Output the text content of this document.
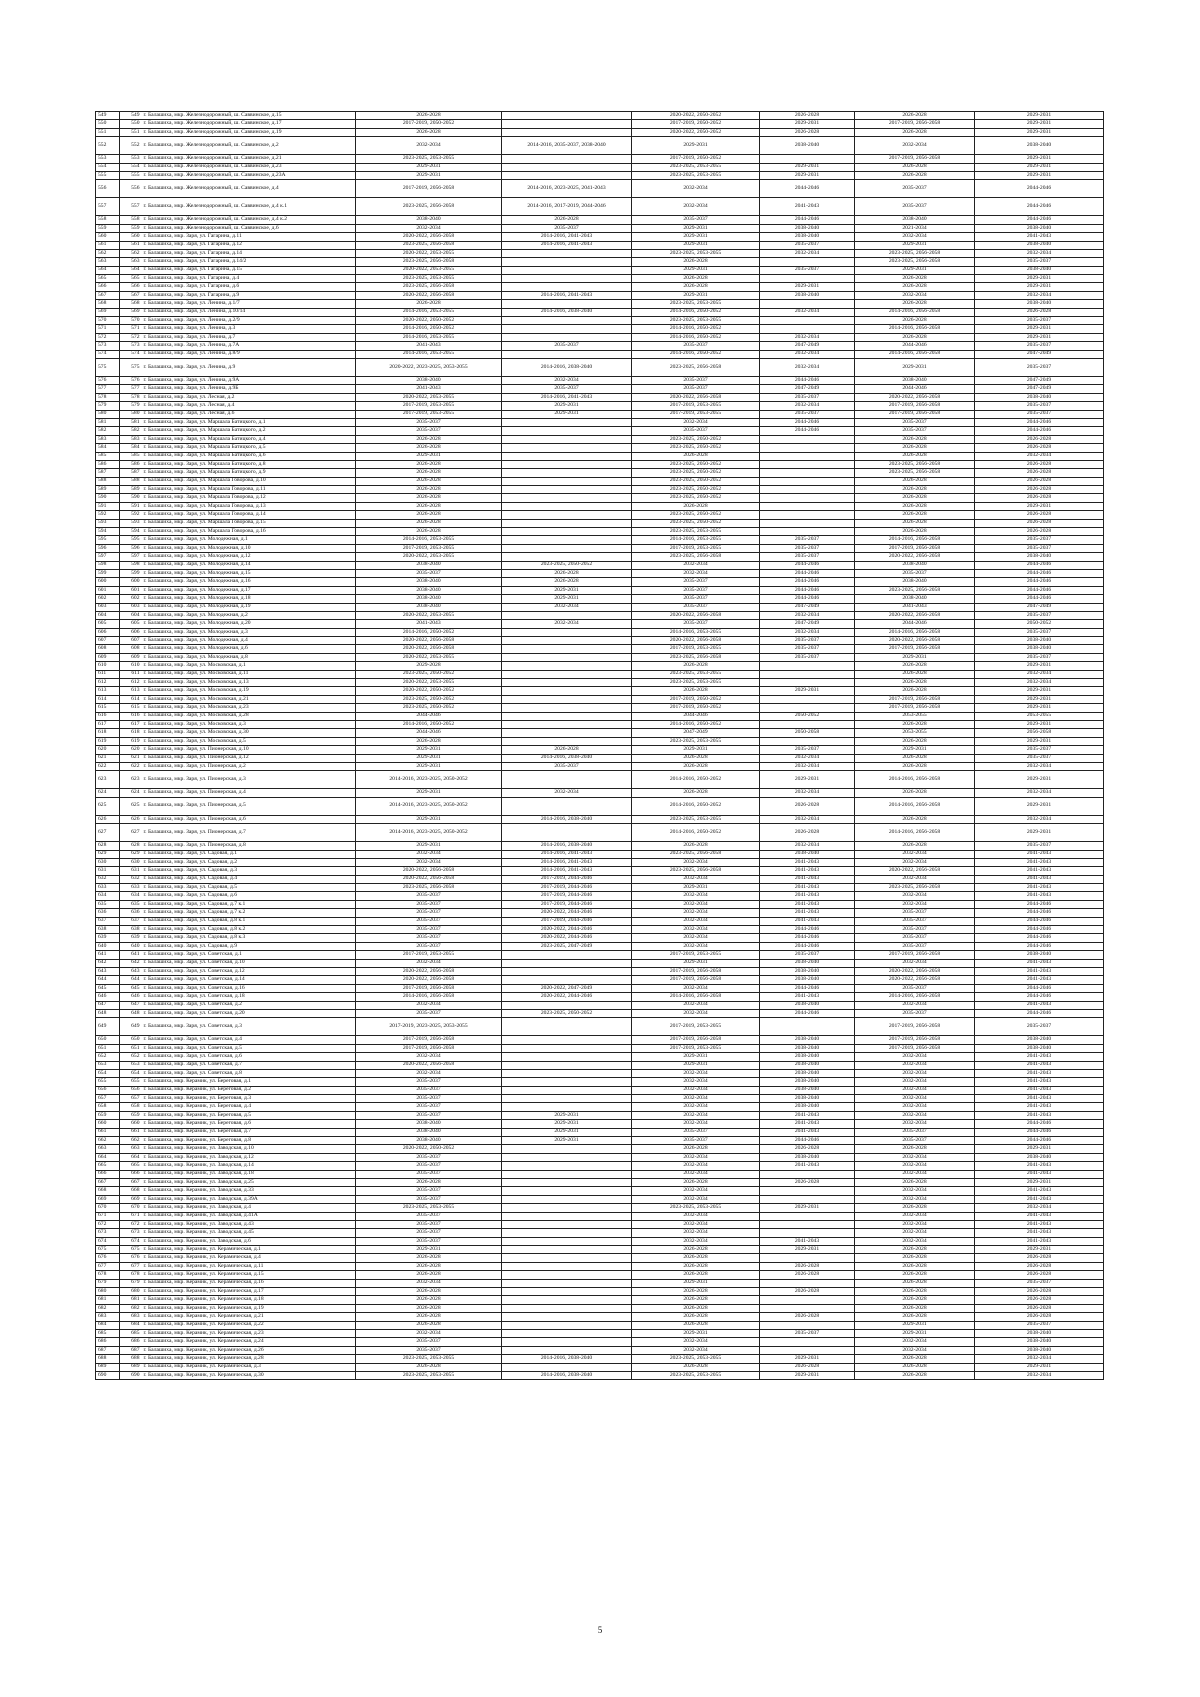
549	549	г. Балашиха, мкр. Железнодорожный, ш. Саввинское, д.15	2026-2028		2020-2022, 2050-2052	2026-2028	2026-2028	2029-2031
550	550	г. Балашиха, мкр. Железнодорожный, ш. Саввинское, д.17	2017-2019, 2050-2052		2017-2019, 2050-2052	2029-2031	2017-2019, 2056-2058	2029-2031
551	551	г. Балашиха, мкр. Железнодорожный, ш. Саввинское, д.19	2026-2028		2020-2022, 2050-2052	2026-2028	2026-2028	2029-2031
552	552	г. Балашиха, мкр. Железнодорожный, ш. Саввинское, д.2	2032-2034	2014-2016, 2035-2037, 2038-2040	2029-2031	2038-2040	2032-2034	2038-2040
553	553	г. Балашиха, мкр. Железнодорожный, ш. Саввинское, д.21	2023-2025, 2053-2055		2017-2019, 2050-2052		2017-2019, 2056-2058	2029-2031
554	554	г. Балашиха, мкр. Железнодорожный, ш. Саввинское, д.23	2029-2031		2023-2025, 2053-2055	2029-2031	2026-2028	2029-2031
555	555	г. Балашиха, мкр. Железнодорожный, ш. Саввинское, д.23А	2029-2031		2023-2025, 2053-2055	2029-2031	2026-2028	2029-2031
556	556	г. Балашиха, мкр. Железнодорожный, ш. Саввинское, д.4	2017-2019, 2056-2058	2014-2016, 2023-2025, 2041-2043	2032-2034	2044-2046	2035-2037	2044-2046
557	557	г. Балашиха, мкр. Железнодорожный, ш. Саввинское, д.4 к.1	2023-2025, 2056-2058	2014-2016, 2017-2019, 2044-2046	2032-2034	2041-2043	2035-2037	2044-2046
558	558	г. Балашиха, мкр. Железнодорожный, ш. Саввинское, д.4 к.2	2038-2040	2026-2028	2035-2037	2044-2046	2038-2040	2044-2046
559	559	г. Балашиха, мкр. Железнодорожный, ш. Саввинское, д.6	2032-2034	2035-2037	2029-2031	2038-2040	2021-2034	2038-2040
560	560	г. Балашиха, мкр. Заря, ул. Гагарина, д.11	2020-2022, 2056-2058	2014-2016, 2041-2043	2029-2031	2038-2040	2032-2034	2041-2043
561	561	г. Балашиха, мкр. Заря, ул. Гагарина, д.12	2023-2025, 2056-2058	2014-2016, 2041-2043	2029-2031	2035-2037	2029-2031	2038-2040
562	562	г. Балашиха, мкр. Заря, ул. Гагарина, д.14	2020-2022, 2053-2055		2023-2025, 2053-2055	2032-2034	2023-2025, 2056-2058	2032-2034
563	563	г. Балашиха, мкр. Заря, ул. Гагарина, д.14/2	2023-2025, 2056-2058		2026-2028		2023-2025, 2056-2058	2035-2037
564	564	г. Балашиха, мкр. Заря, ул. Гагарина, д.15	2020-2022, 2053-2055		2029-2031	2035-2037	2029-2031	2038-2040
565	565	г. Балашиха, мкр. Заря, ул. Гагарина, д.4	2023-2025, 2053-2055		2026-2028		2026-2028	2029-2031
566	566	г. Балашиха, мкр. Заря, ул. Гагарина, д.6	2023-2025, 2056-2058		2026-2028	2029-2031	2026-2028	2029-2031
567	567	г. Балашиха, мкр. Заря, ул. Гагарина, д.9	2020-2022, 2056-2058	2014-2016, 2041-2043	2029-2031	2038-2040	2032-2034	2032-2034
568	568	г. Балашиха, мкр. Заря, ул. Ленина, д.1/7	2026-2028		2023-2025, 2053-2055		2026-2028	2038-2040
569	569	г. Балашиха, мкр. Заря, ул. Ленина, д.10/14	2014-2016, 2053-2055	2014-2016, 2038-2040	2014-2016, 2050-2052	2032-2034	2014-2016, 2056-2058	2026-2028
570	570	г. Балашиха, мкр. Заря, ул. Ленина, д.2/9	2020-2022, 2050-2052		2023-2025, 2053-2055		2026-2028	2035-2037
571	571	г. Балашиха, мкр. Заря, ул. Ленина, д.3	2014-2016, 2050-2052		2014-2016, 2050-2052		2014-2016, 2056-2058	2029-2031
572	572	г. Балашиха, мкр. Заря, ул. Ленина, д.7	2014-2016, 2053-2055		2014-2016, 2050-2052	2032-2034	2026-2028	2029-2031
573	573	г. Балашиха, мкр. Заря, ул. Ленина, д.7А	2041-2043	2035-2037	2035-2037	2047-2049	2044-2046	2035-2037
574	574	г. Балашиха, мкр. Заря, ул. Ленина, д.8/9	2014-2016, 2053-2055		2014-2016, 2050-2052	2032-2034	2014-2016, 2056-2058	2047-2049
575	575	г. Балашиха, мкр. Заря, ул. Ленина, д.9	2020-2022, 2023-2025, 2053-2055	2014-2016, 2038-2040	2023-2025, 2056-2058	2032-2034	2029-2031	2035-2037
576	576	г. Балашиха, мкр. Заря, ул. Ленина, д.9А	2038-2040	2032-2034	2035-2037	2044-2046	2038-2040	2047-2049
577	577	г. Балашиха, мкр. Заря, ул. Ленина, д.9Б	2041-2043	2035-2037	2035-2037	2047-2049	2044-2046	2047-2049
578	578	г. Балашиха, мкр. Заря, ул. Лесная, д.2	2020-2022, 2053-2055	2014-2016, 2041-2043	2020-2022, 2056-2058	2035-2037	2020-2022, 2056-2058	2038-2040
579	579	г. Балашиха, мкр. Заря, ул. Лесная, д.4	2017-2019, 2053-2055	2029-2031	2017-2019, 2053-2055	2032-2034	2017-2019, 2056-2058	2035-2037
580	580	г. Балашиха, мкр. Заря, ул. Лесная, д.6	2017-2019, 2053-2055	2029-2031	2017-2019, 2053-2055	2035-2037	2017-2019, 2056-2058	2035-2037
581	581	г. Балашиха, мкр. Заря, ул. Маршала Батицкого, д.1	2035-2037		2032-2034	2044-2046	2035-2037	2044-2046
582	582	г. Балашиха, мкр. Заря, ул. Маршала Батицкого, д.2	2035-2037		2035-2037	2044-2046	2035-2037	2044-2046
583	583	г. Балашиха, мкр. Заря, ул. Маршала Батицкого, д.4	2026-2028		2023-2025, 2050-2052		2026-2028	2026-2028
584	584	г. Балашиха, мкр. Заря, ул. Маршала Батицкого, д.5	2026-2028		2023-2025, 2050-2052		2026-2028	2026-2028
585	585	г. Балашиха, мкр. Заря, ул. Маршала Батицкого, д.6	2029-2031		2026-2028		2026-2028	2032-2034
586	586	г. Балашиха, мкр. Заря, ул. Маршала Батицкого, д.8	2026-2028		2023-2025, 2050-2052		2023-2025, 2056-2058	2026-2028
587	587	г. Балашиха, мкр. Заря, ул. Маршала Батицкого, д.9	2026-2028		2023-2025, 2050-2052		2023-2025, 2056-2058	2026-2028
588	588	г. Балашиха, мкр. Заря, ул. Маршала Говорова, д.10	2026-2028		2023-2025, 2050-2052		2026-2028	2026-2028
589	589	г. Балашиха, мкр. Заря, ул. Маршала Говорова, д.11	2026-2028		2023-2025, 2050-2052		2026-2028	2026-2028
590	590	г. Балашиха, мкр. Заря, ул. Маршала Говорова, д.12	2026-2028		2023-2025, 2050-2052		2026-2028	2026-2028
591	591	г. Балашиха, мкр. Заря, ул. Маршала Говорова, д.13	2026-2028		2026-2028		2026-2028	2029-2031
592	592	г. Балашиха, мкр. Заря, ул. Маршала Говорова, д.14	2026-2028		2023-2025, 2050-2052		2026-2028	2026-2028
593	593	г. Балашиха, мкр. Заря, ул. Маршала Говорова, д.15	2026-2028		2023-2025, 2050-2052		2026-2028	2026-2028
594	594	г. Балашиха, мкр. Заря, ул. Маршала Говорова, д.16	2026-2028		2023-2025, 2053-2055		2026-2028	2026-2028
595	595	г. Балашиха, мкр. Заря, ул. Молодежная, д.1	2014-2016, 2053-2055		2014-2016, 2053-2055	2035-2037	2014-2016, 2056-2058	2035-2037
596	596	г. Балашиха, мкр. Заря, ул. Молодежная, д.10	2017-2019, 2053-2055		2017-2019, 2053-2055	2035-2037	2017-2019, 2056-2058	2035-2037
597	597	г. Балашиха, мкр. Заря, ул. Молодежная, д.12	2020-2022, 2053-2055		2023-2025, 2056-2058	2035-2037	2020-2022, 2056-2058	2038-2040
598	598	г. Балашиха, мкр. Заря, ул. Молодежная, д.14	2038-2040	2023-2025, 2050-2052	2032-2034	2044-2046	2038-2040	2044-2046
599	599	г. Балашиха, мкр. Заря, ул. Молодежная, д.15	2035-2037	2026-2028	2032-2034	2044-2046	2035-2037	2044-2046
600	600	г. Балашиха, мкр. Заря, ул. Молодежная, д.16	2038-2040	2026-2028	2035-2037	2044-2046	2038-2040	2044-2046
601	601	г. Балашиха, мкр. Заря, ул. Молодежная, д.17	2038-2040	2029-2031	2035-2037	2044-2046	2023-2025, 2056-2058	2044-2046
602	602	г. Балашиха, мкр. Заря, ул. Молодежная, д.18	2038-2040	2029-2031	2035-2037	2044-2046	2038-2040	2044-2046
603	603	г. Балашиха, мкр. Заря, ул. Молодежная, д.19	2038-2040	2032-2034	2035-2037	2047-2049	2041-2043	2047-2049
604	604	г. Балашиха, мкр. Заря, ул. Молодежная, д.2	2020-2022, 2053-2055		2020-2022, 2056-2058	2032-2034	2020-2022, 2056-2058	2035-2037
605	605	г. Балашиха, мкр. Заря, ул. Молодежная, д.20	2041-2043	2032-2034	2035-2037	2047-2049	2044-2046	2050-2052
606	606	г. Балашиха, мкр. Заря, ул. Молодежная, д.3	2014-2016, 2050-2052		2014-2016, 2053-2055	2032-2034	2014-2016, 2056-2058	2035-2037
607	607	г. Балашиха, мкр. Заря, ул. Молодежная, д.4	2020-2022, 2056-2058		2020-2022, 2056-2058	2035-2037	2020-2022, 2056-2058	2038-2040
608	608	г. Балашиха, мкр. Заря, ул. Молодежная, д.6	2020-2022, 2056-2058		2017-2019, 2053-2055	2035-2037	2017-2019, 2056-2058	2038-2040
609	609	г. Балашиха, мкр. Заря, ул. Молодежная, д.8	2020-2022, 2053-2055		2023-2025, 2056-2058	2035-2037	2029-2031	2035-2037
610	610	г. Балашиха, мкр. Заря, ул. Московская, д.1	2029-2028		2026-2028		2026-2028	2029-2031
611	611	г. Балашиха, мкр. Заря, ул. Московская, д.11	2023-2025, 2050-2052		2023-2025, 2053-2055		2026-2028	2032-2034
612	612	г. Балашиха, мкр. Заря, ул. Московская, д.13	2020-2022, 2053-2055		2023-2025, 2053-2055		2026-2028	2032-2034
613	613	г. Балашиха, мкр. Заря, ул. Московская, д.19	2020-2022, 2050-2052		2026-2028	2029-2031	2026-2028	2029-2031
614	614	г. Балашиха, мкр. Заря, ул. Московская, д.21	2023-2025, 2050-2052		2017-2019, 2050-2052		2017-2019, 2056-2058	2029-2031
615	615	г. Балашиха, мкр. Заря, ул. Московская, д.23	2023-2025, 2050-2052		2017-2019, 2050-2052		2017-2019, 2056-2058	2029-2031
616	616	г. Балашиха, мкр. Заря, ул. Московская, д.28	2044-2046		2044-2046	2050-2052	2053-2055	2053-2055
617	617	г. Балашиха, мкр. Заря, ул. Московская, д.3	2014-2016, 2050-2052		2014-2016, 2050-2052		2026-2028	2029-2031
618	618	г. Балашиха, мкр. Заря, ул. Московская, д.30	2044-2046		2047-2049	2050-2058	2053-2055	2056-2058
619	619	г. Балашиха, мкр. Заря, ул. Московская, д.5	2026-2028		2023-2025, 2053-2055		2026-2028	2029-2031
620	620	г. Балашиха, мкр. Заря, ул. Пионерская, д.10	2029-2031	2026-2028	2029-2031	2035-2037	2029-2031	2035-2037
621	621	г. Балашиха, мкр. Заря, ул. Пионерская, д.12	2029-2031	2014-2016, 2038-2040	2026-2028	2032-2034	2026-2028	2035-2037
622	622	г. Балашиха, мкр. Заря, ул. Пионерская, д.2	2029-2031	2035-2037	2026-2028	2032-2034	2026-2028	2032-2034
623	623	г. Балашиха, мкр. Заря, ул. Пионерская, д.3	2014-2016, 2023-2025, 2050-2052		2014-2016, 2050-2052	2029-2031	2014-2016, 2056-2058	2029-2031
624	624	г. Балашиха, мкр. Заря, ул. Пионерская, д.4	2029-2031	2032-2034	2026-2028	2032-2034	2026-2028	2032-2034
625	625	г. Балашиха, мкр. Заря, ул. Пионерская, д.5	2014-2016, 2023-2025, 2050-2052		2014-2016, 2050-2052	2026-2028	2014-2016, 2056-2058	2029-2031
626	626	г. Балашиха, мкр. Заря, ул. Пионерская, д.6	2029-2031	2014-2016, 2038-2040	2023-2025, 2053-2055	2032-2034	2026-2028	2032-2034
627	627	г. Балашиха, мкр. Заря, ул. Пионерская, д.7	2014-2016, 2023-2025, 2050-2052		2014-2016, 2050-2052	2026-2028	2014-2016, 2056-2058	2029-2031
628	628	г. Балашиха, мкр. Заря, ул. Пионерская, д.8	2029-2031	2014-2016, 2038-2040	2026-2028	2032-2034	2026-2028	2035-2037
629	629	г. Балашиха, мкр. Заря, ул. Садовая, д.1	2032-2034	2014-2016, 2041-2043	2023-2025, 2056-2058	2038-2040	2032-2034	2041-2043
630	630	г. Балашиха, мкр. Заря, ул. Садовая, д.2	2032-2034	2014-2016, 2041-2043	2032-2034	2041-2043	2032-2034	2041-2043
631	631	г. Балашиха, мкр. Заря, ул. Садовая, д.3	2020-2022, 2056-2058	2014-2016, 2041-2043	2023-2025, 2056-2058	2041-2043	2020-2022, 2056-2058	2041-2043
632	632	г. Балашиха, мкр. Заря, ул. Садовая, д.4	2020-2022, 2056-2058	2017-2019, 2044-2046	2032-2034	2041-2043	2032-2034	2041-2043
633	633	г. Балашиха, мкр. Заря, ул. Садовая, д.5	2023-2025, 2056-2058	2017-2019, 2044-2046	2029-2031	2041-2043	2023-2025, 2056-2058	2041-2043
634	634	г. Балашиха, мкр. Заря, ул. Садовая, д.6	2035-2037	2017-2019, 2044-2046	2032-2034	2041-2043	2032-2034	2041-2043
635	635	г. Балашиха, мкр. Заря, ул. Садовая, д.7 к.1	2035-2037	2017-2019, 2044-2046	2032-2034	2041-2043	2032-2034	2044-2046
636	636	г. Балашиха, мкр. Заря, ул. Садовая, д.7 к.2	2035-2037	2020-2022, 2044-2046	2032-2034	2041-2043	2035-2037	2044-2046
637	637	г. Балашиха, мкр. Заря, ул. Садовая, д.8 к.1	2035-2037	2017-2019, 2044-2046	2032-2034	2041-2043	2035-2037	2044-2046
638	638	г. Балашиха, мкр. Заря, ул. Садовая, д.8 к.2	2035-2037	2020-2022, 2044-2046	2032-2034	2044-2046	2035-2037	2044-2046
639	639	г. Балашиха, мкр. Заря, ул. Садовая, д.8 к.3	2035-2037	2020-2022, 2044-2046	2032-2034	2044-2046	2035-2037	2044-2046
640	640	г. Балашиха, мкр. Заря, ул. Садовая, д.9	2035-2037	2023-2025, 2047-2049	2032-2034	2044-2046	2035-2037	2044-2046
641	641	г. Балашиха, мкр. Заря, ул. Советская, д.1	2017-2019, 2053-2055		2017-2019, 2053-2055	2035-2037	2017-2019, 2056-2058	2038-2040
642	642	г. Балашиха, мкр. Заря, ул. Советская, д.10	2032-2034		2029-2031	2038-2040	2032-2034	2041-2043
643	643	г. Балашиха, мкр. Заря, ул. Советская, д.12	2020-2022, 2056-2058		2017-2019, 2056-2058	2038-2040	2020-2022, 2056-2058	2041-2043
644	644	г. Балашиха, мкр. Заря, ул. Советская, д.14	2020-2022, 2056-2058		2017-2019, 2056-2058	2038-2040	2020-2022, 2056-2058	2041-2043
645	645	г. Балашиха, мкр. Заря, ул. Советская, д.16	2017-2019, 2056-2058	2020-2022, 2047-2049	2032-2034	2044-2046	2035-2037	2044-2046
646	646	г. Балашиха, мкр. Заря, ул. Советская, д.18	2014-2016, 2056-2058	2020-2022, 2044-2046	2014-2016, 2056-2058	2041-2043	2014-2016, 2056-2058	2044-2046
647	647	г. Балашиха, мкр. Заря, ул. Советская, д.2	2032-2034		2032-2034	2038-2040	2032-2034	2041-2043
648	648	г. Балашиха, мкр. Заря, ул. Советская, д.20	2035-2037	2023-2025, 2050-2052	2032-2034	2044-2046	2035-2037	2044-2046
649	649	г. Балашиха, мкр. Заря, ул. Советская, д.3	2017-2019, 2023-2025, 2053-2055		2017-2019, 2053-2055		2017-2019, 2056-2058	2035-2037
650	650	г. Балашиха, мкр. Заря, ул. Советская, д.4	2017-2019, 2056-2058		2017-2019, 2056-2058	2038-2040	2017-2019, 2056-2058	2038-2040
651	651	г. Балашиха, мкр. Заря, ул. Советская, д.5	2017-2019, 2056-2058		2017-2019, 2053-2055	2038-2040	2017-2019, 2056-2058	2038-2040
652	652	г. Балашиха, мкр. Заря, ул. Советская, д.6	2032-2034		2029-2031	2038-2040	2032-2034	2041-2043
653	653	г. Балашиха, мкр. Заря, ул. Советская, д.7	2020-2022, 2056-2058		2029-2031	2038-2040	2032-2034	2041-2043
654	654	г. Балашиха, мкр. Заря, ул. Советская, д.8	2032-2034		2032-2034	2038-2040	2032-2034	2041-2043
655	655	г. Балашиха, мкр. Керамик, ул. Береговая, д.1	2035-2037		2032-2034	2038-2040	2032-2034	2041-2043
656	656	г. Балашиха, мкр. Керамик, ул. Береговая, д.2	2035-2037		2032-2034	2038-2040	2032-2034	2041-2043
657	657	г. Балашиха, мкр. Керамик, ул. Береговая, д.3	2035-2037		2032-2034	2038-2040	2032-2034	2041-2043
658	658	г. Балашиха, мкр. Керамик, ул. Береговая, д.4	2035-2037		2032-2034	2038-2040	2032-2034	2041-2043
659	659	г. Балашиха, мкр. Керамик, ул. Береговая, д.5	2035-2037	2029-2031	2032-2034	2041-2043	2032-2034	2041-2043
660	660	г. Балашиха, мкр. Керамик, ул. Береговая, д.6	2038-2040	2029-2031	2032-2034	2041-2043	2032-2034	2044-2046
661	661	г. Балашиха, мкр. Керамик, ул. Береговая, д.7	2038-2040	2029-2031	2035-2037	2041-2043	2035-2037	2044-2046
662	662	г. Балашиха, мкр. Керамик, ул. Береговая, д.8	2038-2040	2029-2031	2035-2037	2044-2046	2035-2037	2044-2046
663	663	г. Балашиха, мкр. Керамик, ул. Заводская, д.10	2020-2022, 2050-2052		2026-2028	2026-2028	2026-2028	2029-2031
664	664	г. Балашиха, мкр. Керамик, ул. Заводская, д.12	2035-2037		2032-2034	2038-2040	2032-2034	2038-2040
665	665	г. Балашиха, мкр. Керамик, ул. Заводская, д.14	2035-2037		2032-2034	2041-2043	2032-2034	2041-2043
666	666	г. Балашиха, мкр. Керамик, ул. Заводская, д.18	2035-2037		2032-2034		2032-2034	2041-2043
667	667	г. Балашиха, мкр. Керамик, ул. Заводская, д.25	2026-2028		2026-2028	2026-2028	2026-2028	2029-2031
668	668	г. Балашиха, мкр. Керамик, ул. Заводская, д.33	2035-2037		2032-2034		2032-2034	2041-2043
669	669	г. Балашиха, мкр. Керамик, ул. Заводская, д.39А	2035-2037		2032-2034		2032-2034	2041-2043
670	670	г. Балашиха, мкр. Керамик, ул. Заводская, д.4	2023-2025, 2053-2055		2023-2025, 2053-2055	2029-2031	2026-2028	2032-2034
671	671	г. Балашиха, мкр. Керамик, ул. Заводская, д.41А	2035-2037		2032-2034		2032-2034	2041-2043
672	672	г. Балашиха, мкр. Керамик, ул. Заводская, д.43	2035-2037		2032-2034		2032-2034	2041-2043
673	673	г. Балашиха, мкр. Керамик, ул. Заводская, д.45	2035-2037		2032-2034		2032-2034	2041-2043
674	674	г. Балашиха, мкр. Керамик, ул. Заводская, д.6	2035-2037		2032-2034	2041-2043	2032-2034	2041-2043
675	675	г. Балашиха, мкр. Керамик, ул. Керамическая, д.1	2029-2031		2026-2028	2029-2031	2026-2028	2029-2031
676	676	г. Балашиха, мкр. Керамик, ул. Керамическая, д.4	2026-2028		2026-2028		2026-2028	2026-2028
677	677	г. Балашиха, мкр. Керамик, ул. Керамическая, д.11	2026-2028		2026-2028	2026-2028	2026-2028	2026-2028
678	678	г. Балашиха, мкр. Керамик, ул. Керамическая, д.15	2026-2028		2026-2028	2026-2028	2026-2028	2026-2028
679	679	г. Балашиха, мкр. Керамик, ул. Керамическая, д.16	2032-2034		2029-2031		2026-2028	2035-2037
680	680	г. Балашиха, мкр. Керамик, ул. Керамическая, д.17	2026-2028		2026-2028	2026-2028	2026-2028	2026-2028
681	681	г. Балашиха, мкр. Керамик, ул. Керамическая, д.18	2026-2028		2026-2028		2026-2028	2026-2028
682	682	г. Балашиха, мкр. Керамик, ул. Керамическая, д.19	2026-2028		2026-2028		2026-2028	2026-2028
683	683	г. Балашиха, мкр. Керамик, ул. Керамическая, д.21	2026-2028		2026-2028	2026-2028	2026-2028	2026-2028
684	684	г. Балашиха, мкр. Керамик, ул. Керамическая, д.22	2026-2028		2026-2028		2029-2031	2035-2037
685	685	г. Балашиха, мкр. Керамик, ул. Керамическая, д.23	2032-2034		2029-2031	2035-2037	2029-2031	2038-2040
686	686	г. Балашиха, мкр. Керамик, ул. Керамическая, д.24	2035-2037		2032-2034		2032-2034	2038-2040
687	687	г. Балашиха, мкр. Керамик, ул. Керамическая, д.26	2035-2037		2032-2034		2032-2034	2038-2040
688	688	г. Балашиха, мкр. Керамик, ул. Керамическая, д.28	2023-2025, 2053-2055	2014-2016, 2038-2040	2023-2025, 2053-2055	2029-2031	2026-2028	2032-2034
689	689	г. Балашиха, мкр. Керамик, ул. Керамическая, д.3	2026-2028		2026-2028	2026-2028	2026-2028	2029-2031
690	690	г. Балашиха, мкр. Керамик, ул. Керамическая, д.30	2023-2025, 2053-2055	2014-2016, 2038-2040	2023-2025, 2053-2055	2029-2031	2026-2028	2032-2034
5
